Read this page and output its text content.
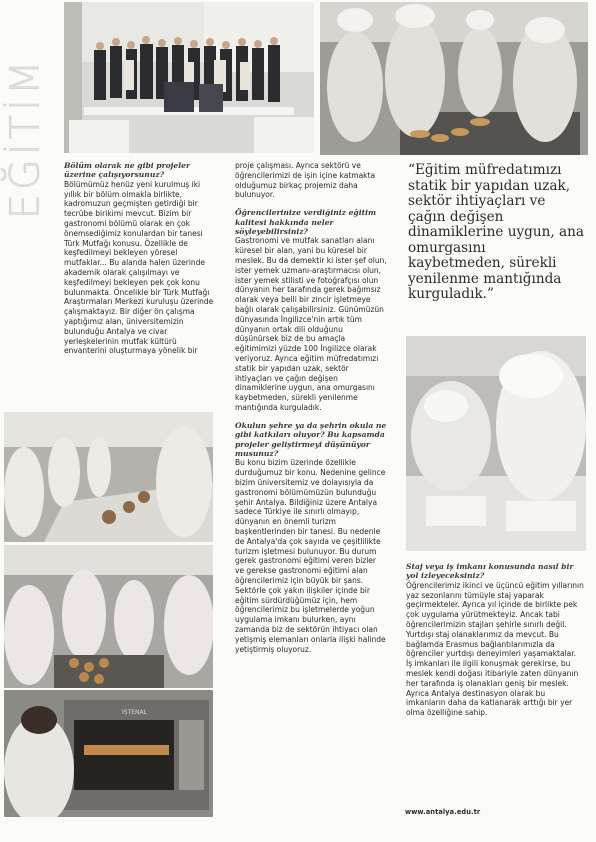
EĞİTİM
ISTENAL

Bölüm olarak ne gibi projeler üzerine çalışıyorsunuz?

Bölümümüz henüz yeni kurulmuş iki yıllık bir bölüm olmakla birlikte, kadromuzun geçmişten getirdiği bir tecrübe birikimi mevcut. Bizim bir gastronomi bölümü olarak en çok önemsediğimiz konulardan bir tanesi Türk Mutfağı konusu. Özellikle de keşfedilmeyi bekleyen yöresel mutfaklar... Bu alanda halen üzerinde akademik olarak çalışılmayı ve keşfedilmeyi bekleyen pek çok konu bulunmakta. Öncelikle bir Türk Mutfağı Araştırmaları Merkezi kuruluşu üzerinde çalışmaktayız. Bir diğer ön çalışma yaptığımız alan, üniversitemizin bulunduğu Antalya ve civar yerleşkelerinin mutfak kültürü envanterini oluşturmaya yönelik bir

proje çalışması. Ayrıca sektörü ve öğrencilerimizi de işin içine katmakta olduğumuz birkaç projemiz daha bulunuyor.

Öğrencilerinize verdiğiniz eğitim kalitesi hakkında neler söyleyebilirsiniz?

Gastronomi ve mutfak sanatları alanı küresel bir alan, yani bu küresel bir meslek. Bu da demektir ki ister şef olun, ister yemek uzmanı-araştırmacısı olun, ister yemek stilisti ve fotoğrafçısı olun dünyanın her tarafında gerek bağımsız olarak veya belli bir zincir işletmeye bağlı olarak çalışabilirsiniz. Günümüzün dünyasında İngilizce'nin artık tüm dünyanın ortak dili olduğunu düşünürsek biz de bu amaçla eğitimimizi yüzde 100 İngilizce olarak veriyoruz. Ayrıca eğitim müfredatımızı statik bir yapıdan uzak, sektör ihtiyaçları ve çağın değişen dinamiklerine uygun, ana omurgasını kaybetmeden, sürekli yenilenme mantığında kurguladık.

Okulun şehre ya da şehrin okula ne gibi katkıları oluyor? Bu kapsamda projeler geliştirmeyi düşünüyor musunuz?

Bu konu bizim üzerinde özellikle durduğumuz bir konu. Nedenine gelince bizim üniversitemiz ve dolayısıyla da gastronomi bölümümüzün bulunduğu şehir Antalya. Bildiğiniz üzere Antalya sadece Türkiye ile sınırlı olmayıp, dünyanın en önemli turizm başkentlerinden bir tanesi. Bu nedenle de Antalya'da çok sayıda ve çeşitlilikte turizm işletmesi bulunuyor. Bu durum gerek gastronomi eğitimi veren bizler ve gerekse gastronomi eğitimi alan öğrencilerimiz için büyük bir şans. Sektörle çok yakın ilişkiler içinde bir eğitim sürdürdüğümüz için, hem öğrencilerimiz bu işletmelerde yoğun uygulama imkanı bulurken, aynı zamanda biz de sektörün ihtiyacı olan yetişmiş elemanları onlarla ilişki halinde yetiştirmiş oluyoruz.

“Eğitim müfredatımızı statik bir yapıdan uzak, sektör ihtiyaçları ve çağın değişen dinamiklerine uygun, ana omurgasını kaybetmeden, sürekli yenilenme mantığında kurguladık.”

Staj veya iş imkanı konusunda nasıl bir yol izleyeceksiniz?

Öğrencilerimiz ikinci ve üçüncü eğitim yıllarının yaz sezonlarını tümüyle staj yaparak geçirmekteler. Ayrıca yıl içinde de birlikte pek çok uygulama yürütmekteyiz. Ancak tabi öğrencilerimizin stajları şehirle sınırlı değil. Yurtdışı staj olanaklarımız da mevcut. Bu bağlamda Erasmus bağlantılarımızla da öğrenciler yurtdışı deneyimleri yaşamaktalar. İş imkanları ile ilgili konuşmak gerekirse, bu meslek kendi doğası itibariyle zaten dünyanın her tarafında iş olanakları geniş bir meslek. Ayrıca Antalya destinasyon olarak bu imkanların daha da katlanarak arttığı bir yer olma özelliğine sahip.

www.antalya.edu.tr
